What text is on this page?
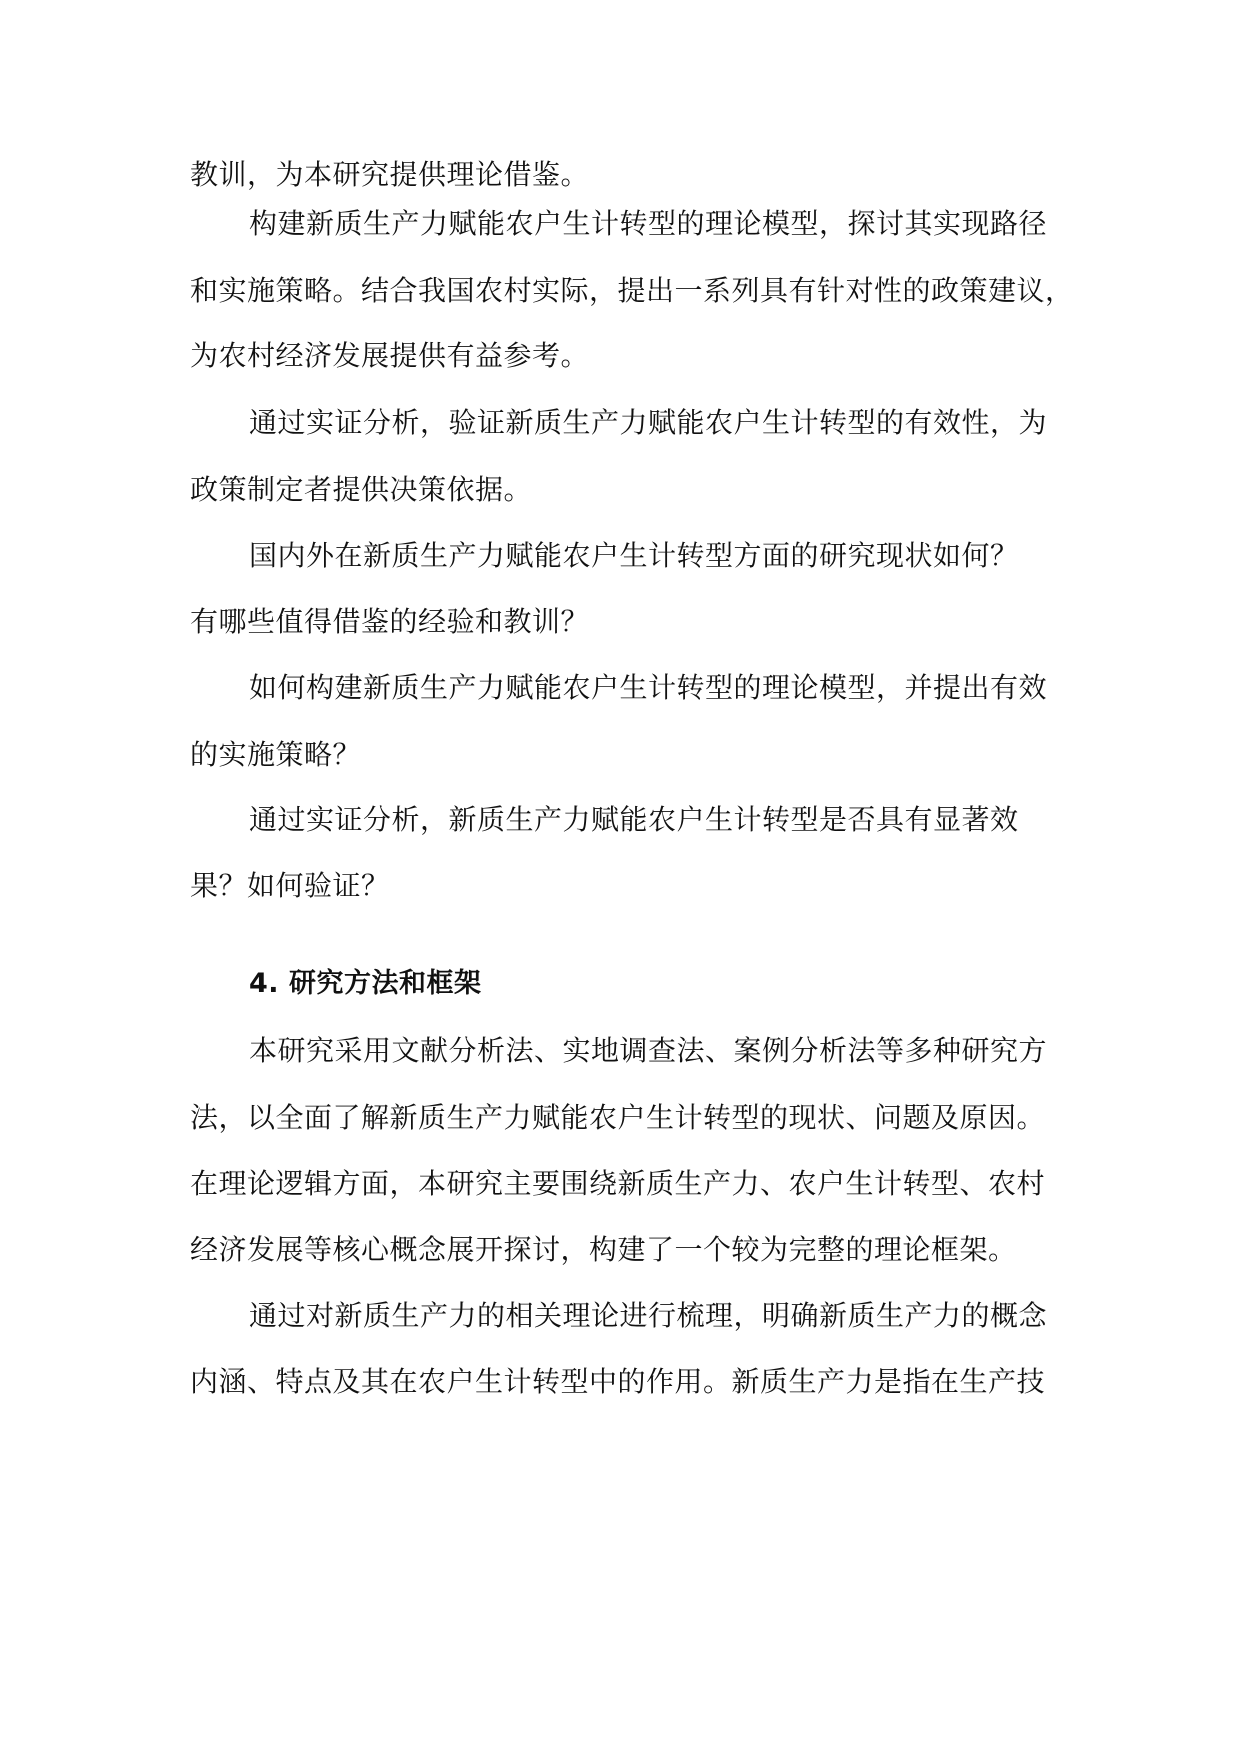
教训，为本研究提供理论借鉴。
构建新质生产力赋能农户生计转型的理论模型，探讨其实现路径
和实施策略。结合我国农村实际，提出一系列具有针对性的政策建议，
为农村经济发展提供有益参考。
通过实证分析，验证新质生产力赋能农户生计转型的有效性，为
政策制定者提供决策依据。
国内外在新质生产力赋能农户生计转型方面的研究现状如何？
有哪些值得借鉴的经验和教训？
如何构建新质生产力赋能农户生计转型的理论模型，并提出有效
的实施策略？
通过实证分析，新质生产力赋能农户生计转型是否具有显著效
果？如何验证？
4. 研究方法和框架
本研究采用文献分析法、实地调查法、案例分析法等多种研究方
法，以全面了解新质生产力赋能农户生计转型的现状、问题及原因。
在理论逻辑方面，本研究主要围绕新质生产力、农户生计转型、农村
经济发展等核心概念展开探讨，构建了一个较为完整的理论框架。
通过对新质生产力的相关理论进行梳理，明确新质生产力的概念
内涵、特点及其在农户生计转型中的作用。新质生产力是指在生产技
